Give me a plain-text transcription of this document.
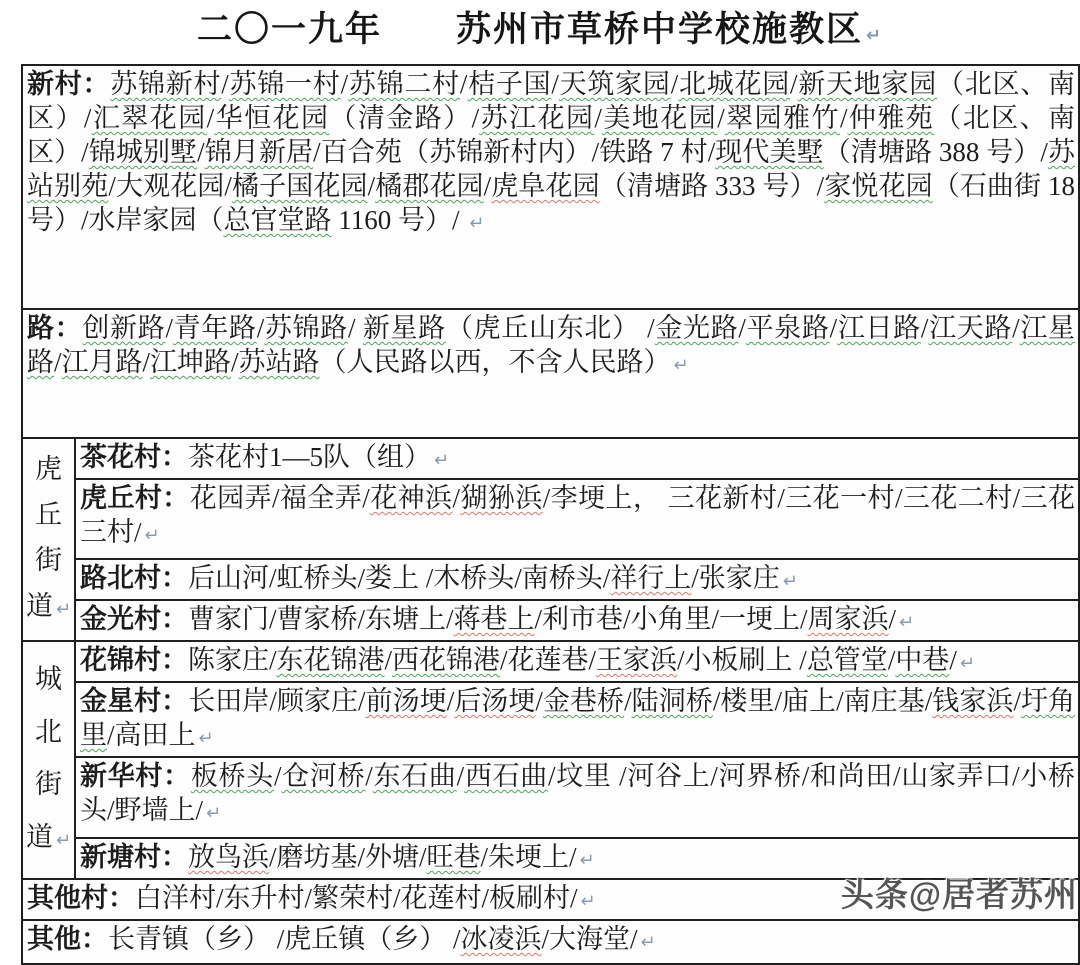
二〇一九年　　苏州市草桥中学校施教区 ↵
新村：苏锦新村/苏锦一村/苏锦二村/桔子国/天筑家园/北城花园/新天地家园（北区、南区）/汇翠花园/华恒花园（清金路）/苏江花园/美地花园/翠园雅竹/仲雅苑（北区、南区）/锦城别墅/锦月新居/百合苑（苏锦新村内）/铁路 7 村/现代美墅（清塘路 388 号）/苏站别苑/大观花园/橘子国花园/橘郡花园/虎阜花园（清塘路 333 号）/家悦花园（石曲街 18 号）/水岸家园（总官堂路 1160 号）/ ↵
路：创新路/青年路/苏锦路/ 新星路（虎丘山东北） /金光路/平泉路/江日路/江天路/江星路/江月路/江坤路/苏站路（人民路以西，不含人民路） ↵
虎
丘
街
道 ↵
茶花村：茶花村1—5队（组） ↵
虎丘村：花园弄/福全弄/花神浜/猢狲浜/李埂上， 三花新村/三花一村/三花二村/三花三村/ ↵
路北村：后山河/虹桥头/娄上 /木桥头/南桥头/祥行上/张家庄 ↵
金光村：曹家门/曹家桥/东塘上/蒋巷上/利市巷/小角里/一埂上/周家浜/ ↵
城
北
街
道 ↵
花锦村：陈家庄/东花锦港/西花锦港/花莲巷/王家浜/小板刷上 /总管堂/中巷/ ↵
金星村：长田岸/顾家庄/前汤埂/后汤埂/金巷桥/陆洞桥/楼里/庙上/南庄基/钱家浜/圩角里/高田上 ↵
新华村：板桥头/仓河桥/东石曲/西石曲/坟里 /河谷上/河界桥/和尚田/山家弄口/小桥头/野墙上/ ↵
新塘村：放鸟浜/磨坊基/外塘/旺巷/朱埂上/ ↵
其他村：白洋村/东升村/繁荣村/花莲村/板刷村/ ↵
其他：长青镇（乡） /虎丘镇（乡） /冰凌浜/大海堂/ ↵
头条@居者苏州
